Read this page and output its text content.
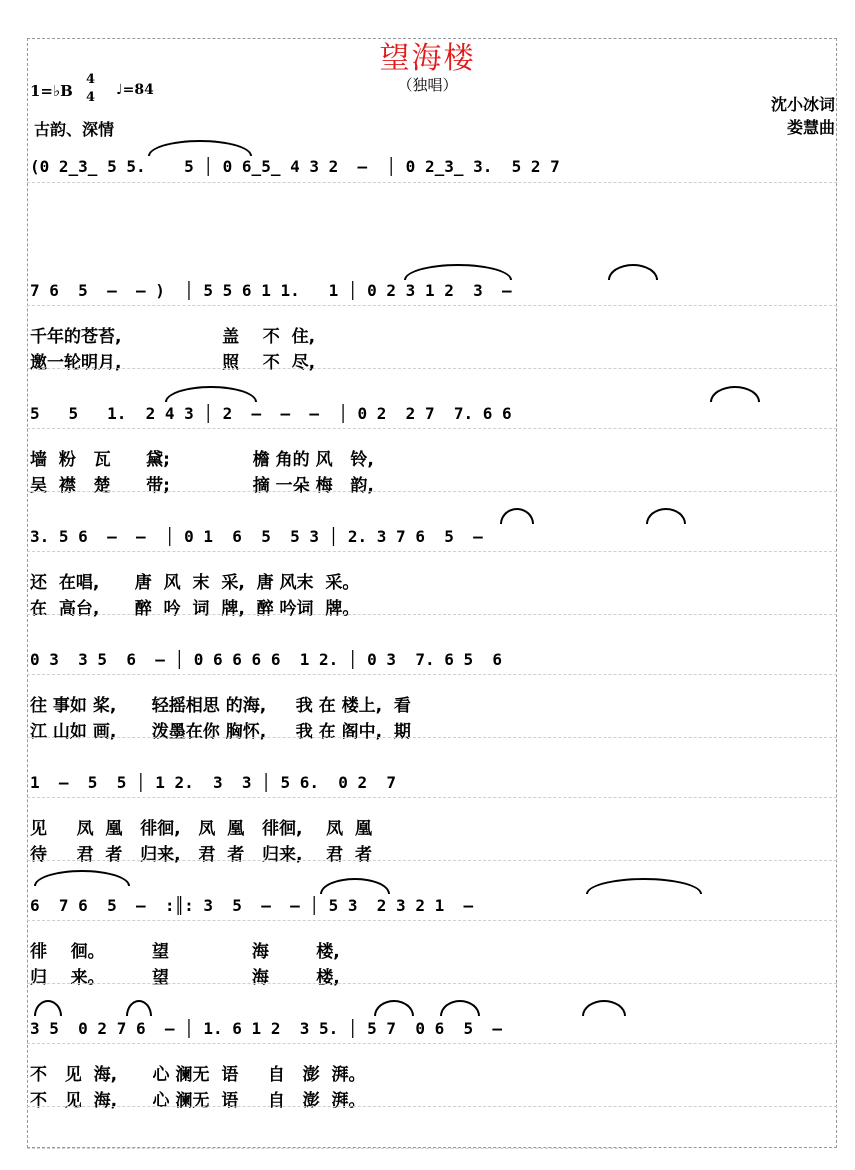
望海楼
（独唱）
1=♭B
4
4 ♩=84
古韵、深情
沈小冰词
娄慧曲
(0 2̲3̲ 5 5.    5 │ 0 6̲5̲ 4 3 2  –  │ 0 2̲3̲ 3.  5 2 7
7 6  5  –  – )  │ 5 5 6 1 1.   1 │ 0 2 3 1 2  3  –
千年的苍苔,                 盖    不  住,
邀一轮明月,                 照    不  尽,
5   5   1.  2 4 3 │ 2  –  –  –  │ 0 2  2 7  7. 6 6
墙  粉   瓦      黛;              檐 角的 风   铃,
吴  襟   楚      带;              摘 一朵 梅   韵,
3. 5 6  –  –  │ 0 1  6  5  5 3 │ 2. 3 7 6  5  –
还  在唱,      唐  风  末  采,  唐 风末  采。
在  高台,      醉  吟  词  牌,  醉 吟词  牌。
0 3  3 5  6  – │ 0 6 6 6 6  1 2. │ 0 3  7. 6 5  6
往 事如 桨,      轻摇相思 的海,     我 在 楼上,  看
江 山如 画,      泼墨在你 胸怀,     我 在 阁中,  期
1  –  5  5 │ 1 2.  3  3 │ 5 6.  0 2  7
见     凤  凰   徘徊,   凤  凰   徘徊,    凤  凰
待     君  者   归来,   君  者   归来,    君  者
6  7 6  5  –  :║: 3  5  –  – │ 5 3  2 3 2 1  –
徘    徊。        望              海        楼,
归    来。        望              海        楼,
3 5  0 2 7 6  – │ 1. 6 1 2  3 5. │ 5 7  0 6  5  –
不   见  海,      心 澜无  语     自   澎  湃。
不   见  海,      心 澜无  语     自   澎  湃。
